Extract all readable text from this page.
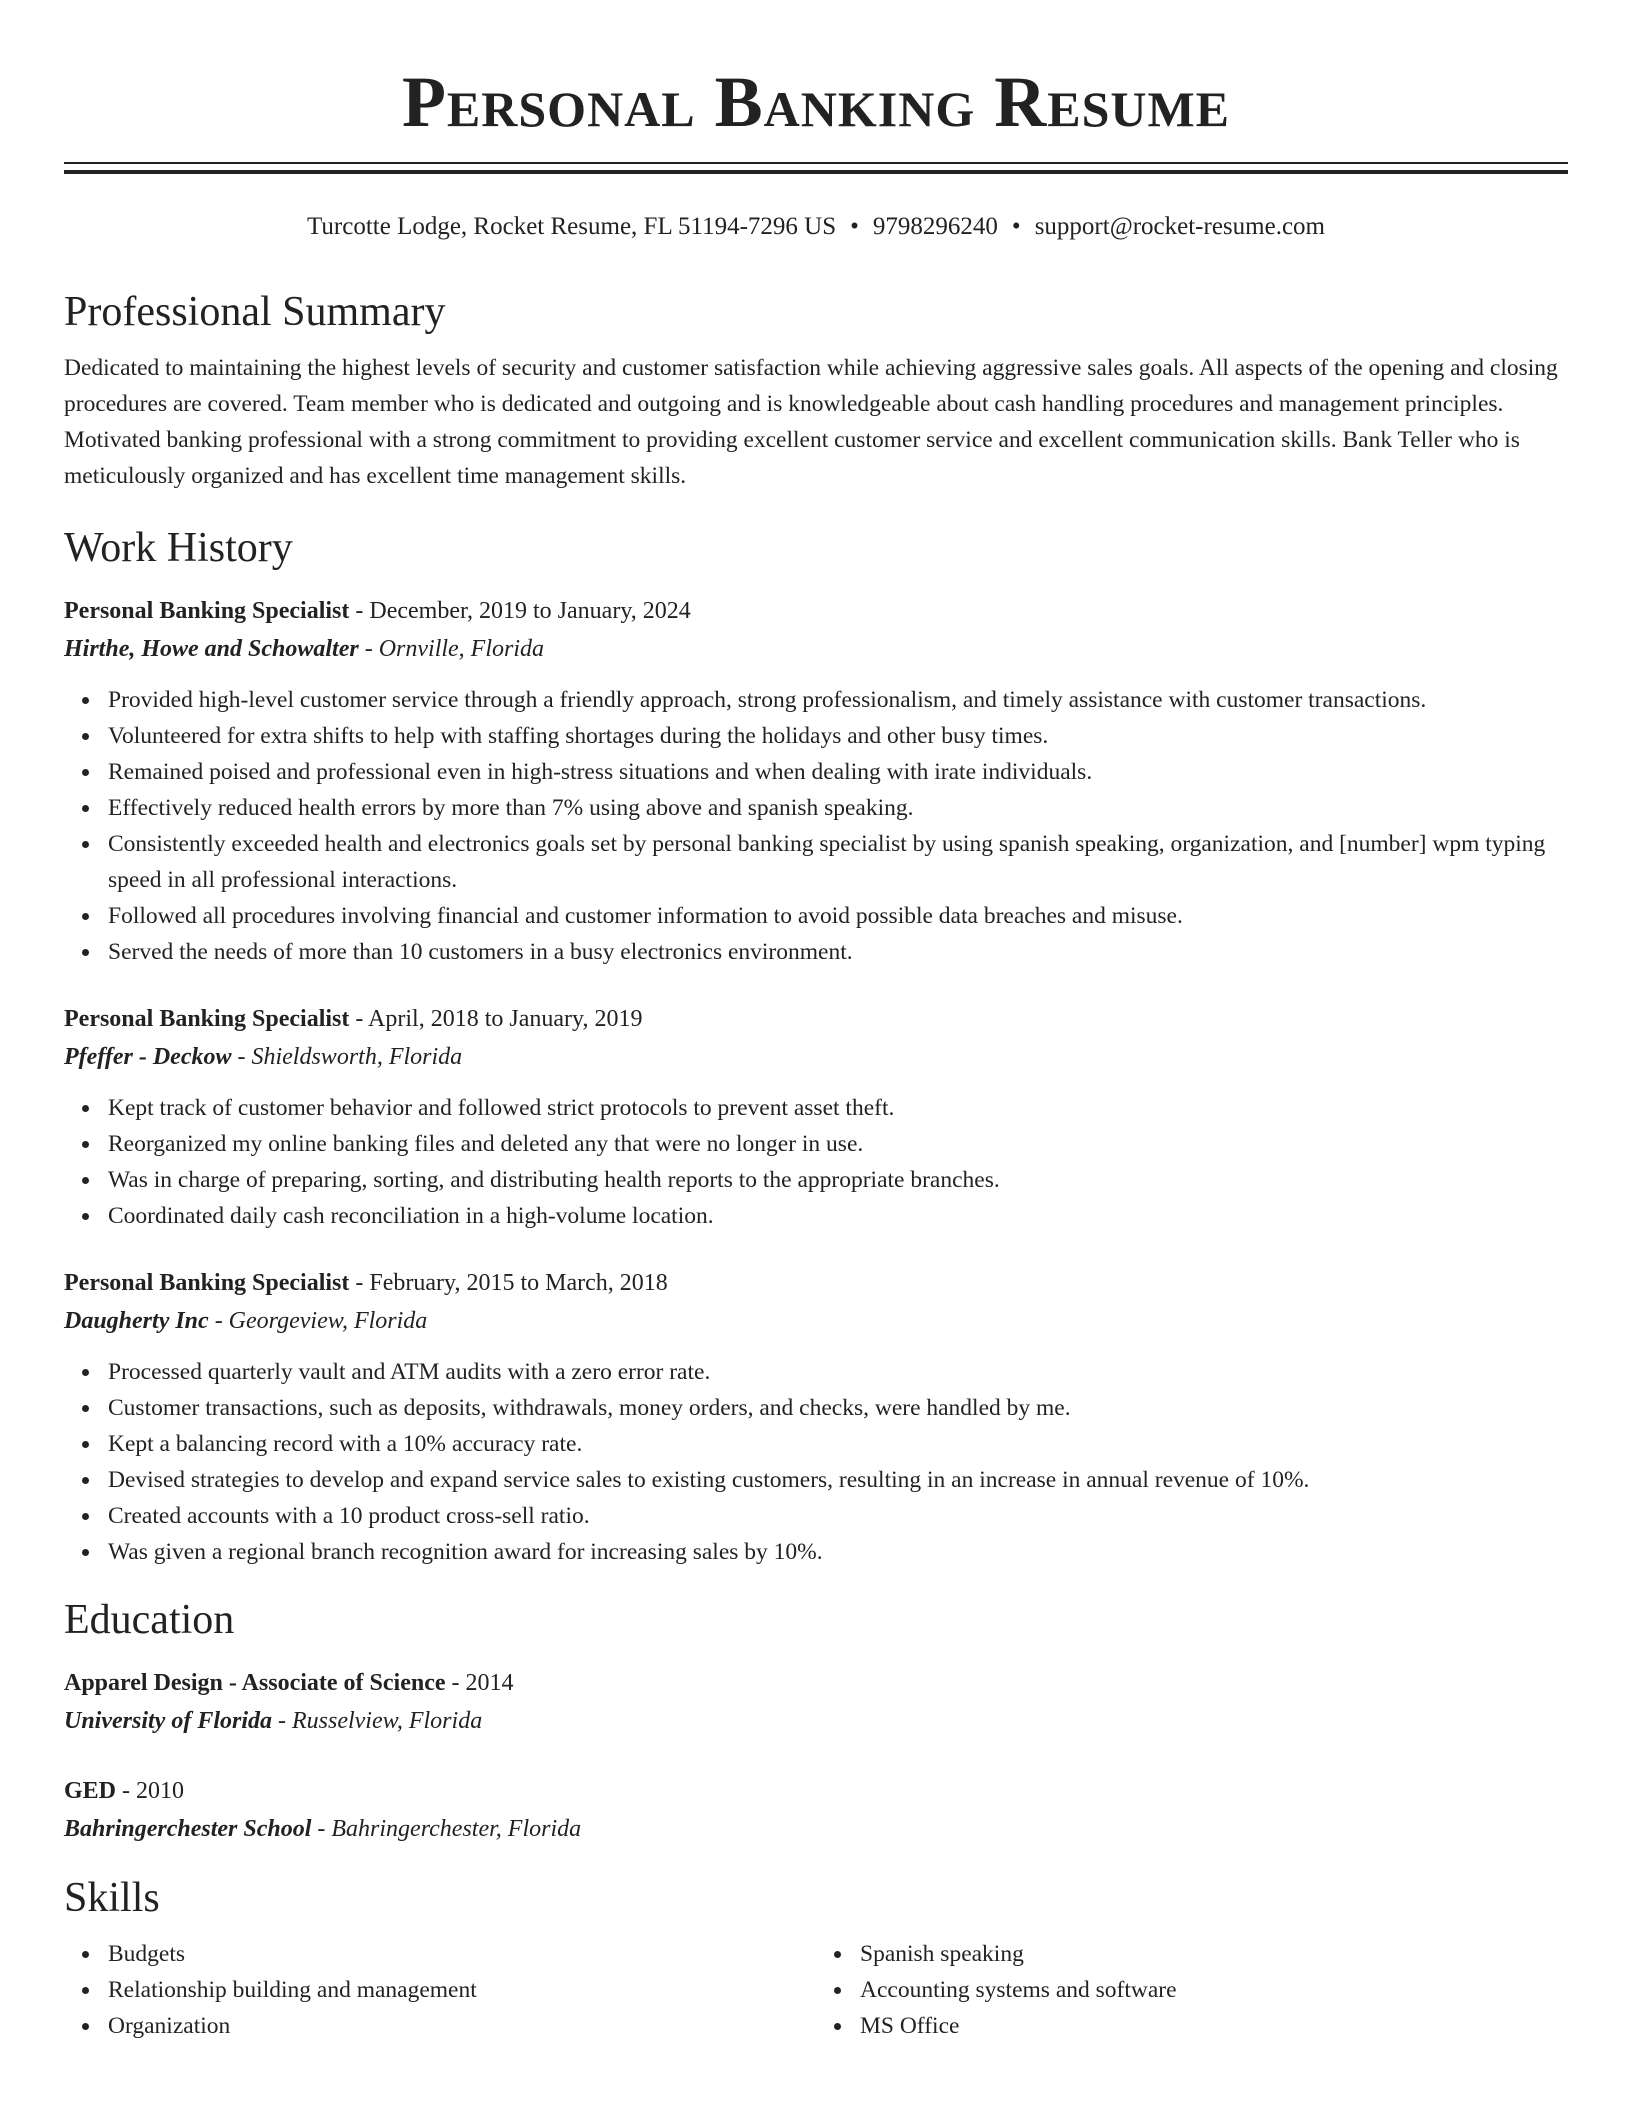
Personal Banking Resume
Turcotte Lodge, Rocket Resume, FL 51194-7296 US • 9798296240 • support@rocket-resume.com
Professional Summary

Dedicated to maintaining the highest levels of security and customer satisfaction while achieving aggressive sales goals. All aspects of the opening and closing procedures are covered. Team member who is dedicated and outgoing and is knowledgeable about cash handling procedures and management principles. Motivated banking professional with a strong commitment to providing excellent customer service and excellent communication skills. Bank Teller who is meticulously organized and has excellent time management skills.

Work History
Personal Banking Specialist - December, 2019 to January, 2024
Hirthe, Howe and Schowalter - Ornville, Florida
Provided high-level customer service through a friendly approach, strong professionalism, and timely assistance with customer transactions.
Volunteered for extra shifts to help with staffing shortages during the holidays and other busy times.
Remained poised and professional even in high-stress situations and when dealing with irate individuals.
Effectively reduced health errors by more than 7% using above and spanish speaking.
Consistently exceeded health and electronics goals set by personal banking specialist by using spanish speaking, organization, and [number] wpm typing speed in all professional interactions.
Followed all procedures involving financial and customer information to avoid possible data breaches and misuse.
Served the needs of more than 10 customers in a busy electronics environment.
Personal Banking Specialist - April, 2018 to January, 2019
Pfeffer - Deckow - Shieldsworth, Florida
Kept track of customer behavior and followed strict protocols to prevent asset theft.
Reorganized my online banking files and deleted any that were no longer in use.
Was in charge of preparing, sorting, and distributing health reports to the appropriate branches.
Coordinated daily cash reconciliation in a high-volume location.
Personal Banking Specialist - February, 2015 to March, 2018
Daugherty Inc - Georgeview, Florida
Processed quarterly vault and ATM audits with a zero error rate.
Customer transactions, such as deposits, withdrawals, money orders, and checks, were handled by me.
Kept a balancing record with a 10% accuracy rate.
Devised strategies to develop and expand service sales to existing customers, resulting in an increase in annual revenue of 10%.
Created accounts with a 10 product cross-sell ratio.
Was given a regional branch recognition award for increasing sales by 10%.
Education
Apparel Design - Associate of Science - 2014
University of Florida - Russelview, Florida
GED - 2010
Bahringerchester School - Bahringerchester, Florida
Skills
Budgets
Relationship building and management
Organization
Spanish speaking
Accounting systems and software
MS Office
